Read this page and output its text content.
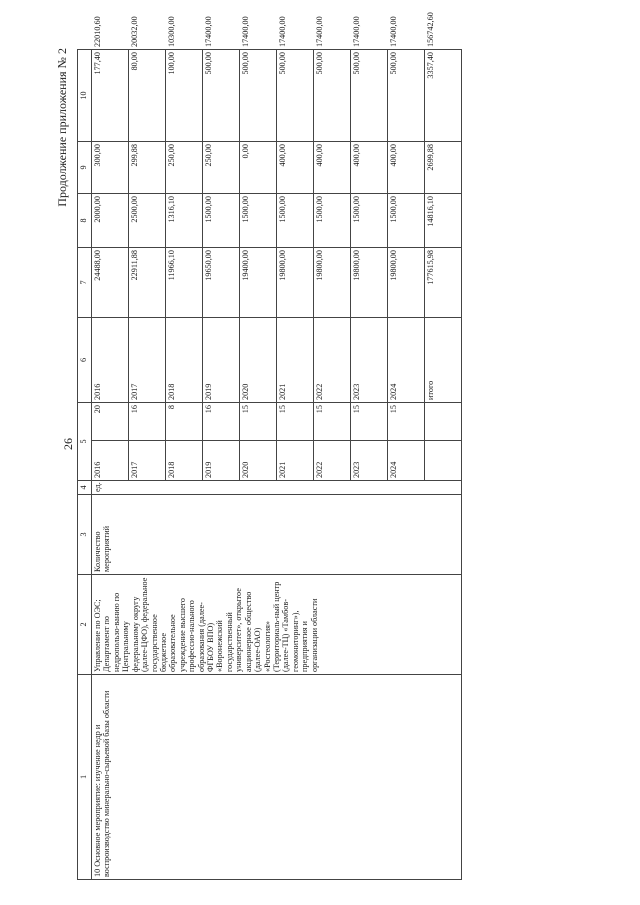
26
Продолжение приложения № 2
1	2	3	4	5		6	7	8	9	10	
10 Основное мероприятие: изучение недр и воспроизводство минерально-сырьевой базы области	Управление по ОЭС; Департамент по недропользо-ванию по Центральному федеральному округу (далее-ЦФО), федеральное государственное бюджетное образовательное учреждение высшего профессио-нального образования (далее-ФГБОУ ВПО) «Воронежский государственный университет», открытое акционерное общество (далее-ОАО) «Росгеология» (Территориаль-ный центр (далее-ТЦ) «Тамбов-геомониторинг»), предприятия и организации области	Количество мероприятий	ед.	2016	20	2016	24488,00	2000,00	300,00	177,40	22010,60
				2017	16	2017	22911,88	2500,00	299,88	80,00	20032,00
				2018	8	2018	11966,10	1316,10	250,00	100,00	10300,00
				2019	16	2019	19650,00	1500,00	250,00	500,00	17400,00
				2020	15	2020	19400,00	1500,00	0,00	500,00	17400,00
				2021	15	2021	19800,00	1500,00	400,00	500,00	17400,00
				2022	15	2022	19800,00	1500,00	400,00	500,00	17400,00
				2023	15	2023	19800,00	1500,00	400,00	500,00	17400,00
				2024	15	2024	19800,00	1500,00	400,00	500,00	17400,00
						итого	177615,98	14816,10	2699,88	3357,40	156742,60
